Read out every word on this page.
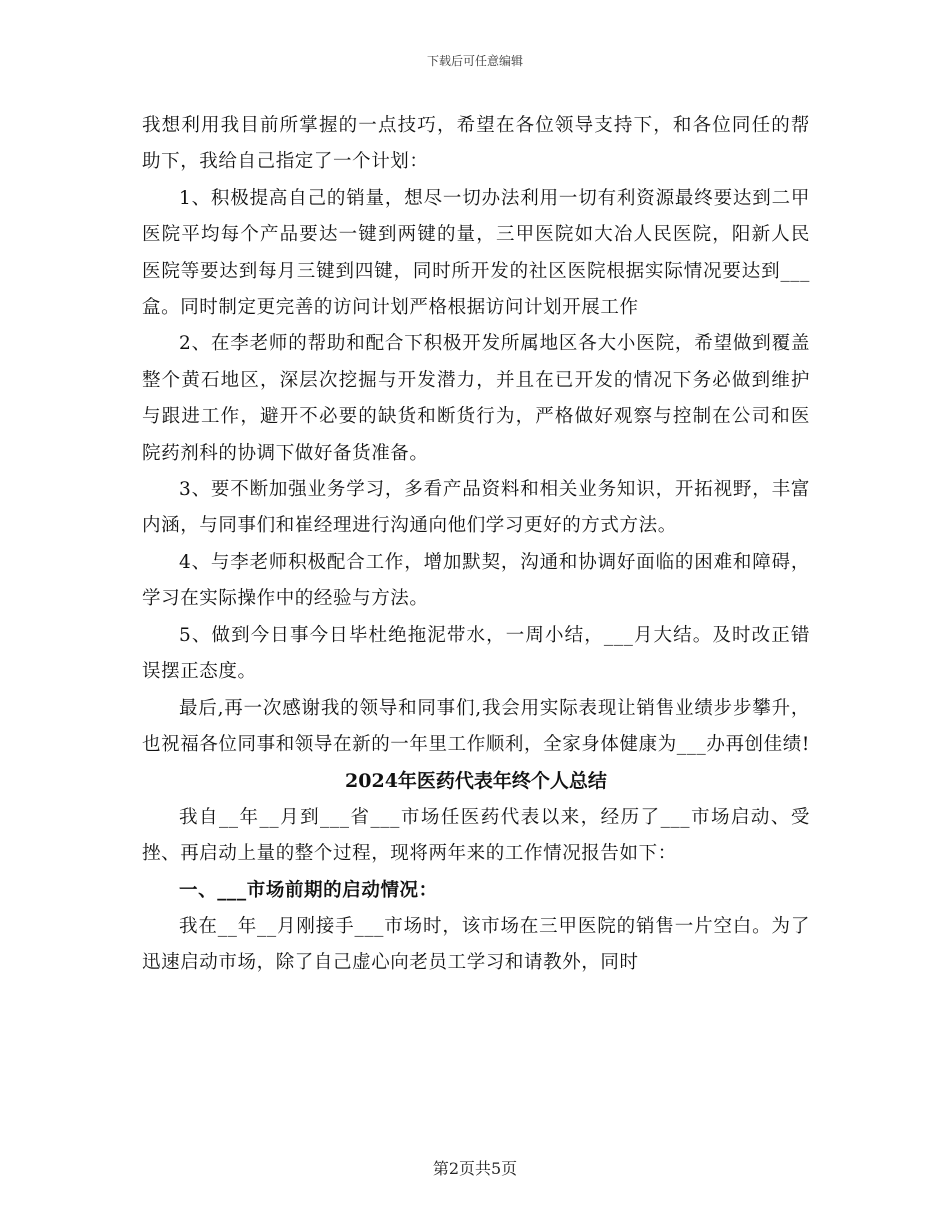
下载后可任意编辑

我想利用我目前所掌握的一点技巧，希望在各位领导支持下，和各位同任的帮助下，我给自己指定了一个计划：

1、积极提高自己的销量，想尽一切办法利用一切有利资源最终要达到二甲医院平均每个产品要达一键到两键的量，三甲医院如大冶人民医院，阳新人民医院等要达到每月三键到四键，同时所开发的社区医院根据实际情况要达到___盒。同时制定更完善的访问计划严格根据访问计划开展工作

2、在李老师的帮助和配合下积极开发所属地区各大小医院，希望做到覆盖整个黄石地区，深层次挖掘与开发潜力，并且在已开发的情况下务必做到维护与跟进工作，避开不必要的缺货和断货行为，严格做好观察与控制在公司和医院药剂科的协调下做好备货准备。

3、要不断加强业务学习，多看产品资料和相关业务知识，开拓视野，丰富内涵，与同事们和崔经理进行沟通向他们学习更好的方式方法。

4、与李老师积极配合工作，增加默契，沟通和协调好面临的困难和障碍，学习在实际操作中的经验与方法。

5、做到今日事今日毕杜绝拖泥带水，一周小结，___月大结。及时改正错误摆正态度。

最后,再一次感谢我的领导和同事们,我会用实际表现让销售业绩步步攀升，也祝福各位同事和领导在新的一年里工作顺利，全家身体健康为___办再创佳绩!

2024年医药代表年终个人总结

我自__年__月到___省___市场任医药代表以来，经历了___市场启动、受挫、再启动上量的整个过程，现将两年来的工作情况报告如下：

一、___市场前期的启动情况：

我在__年__月刚接手___市场时，该市场在三甲医院的销售一片空白。为了迅速启动市场，除了自己虚心向老员工学习和请教外，同时

第2页共5页
